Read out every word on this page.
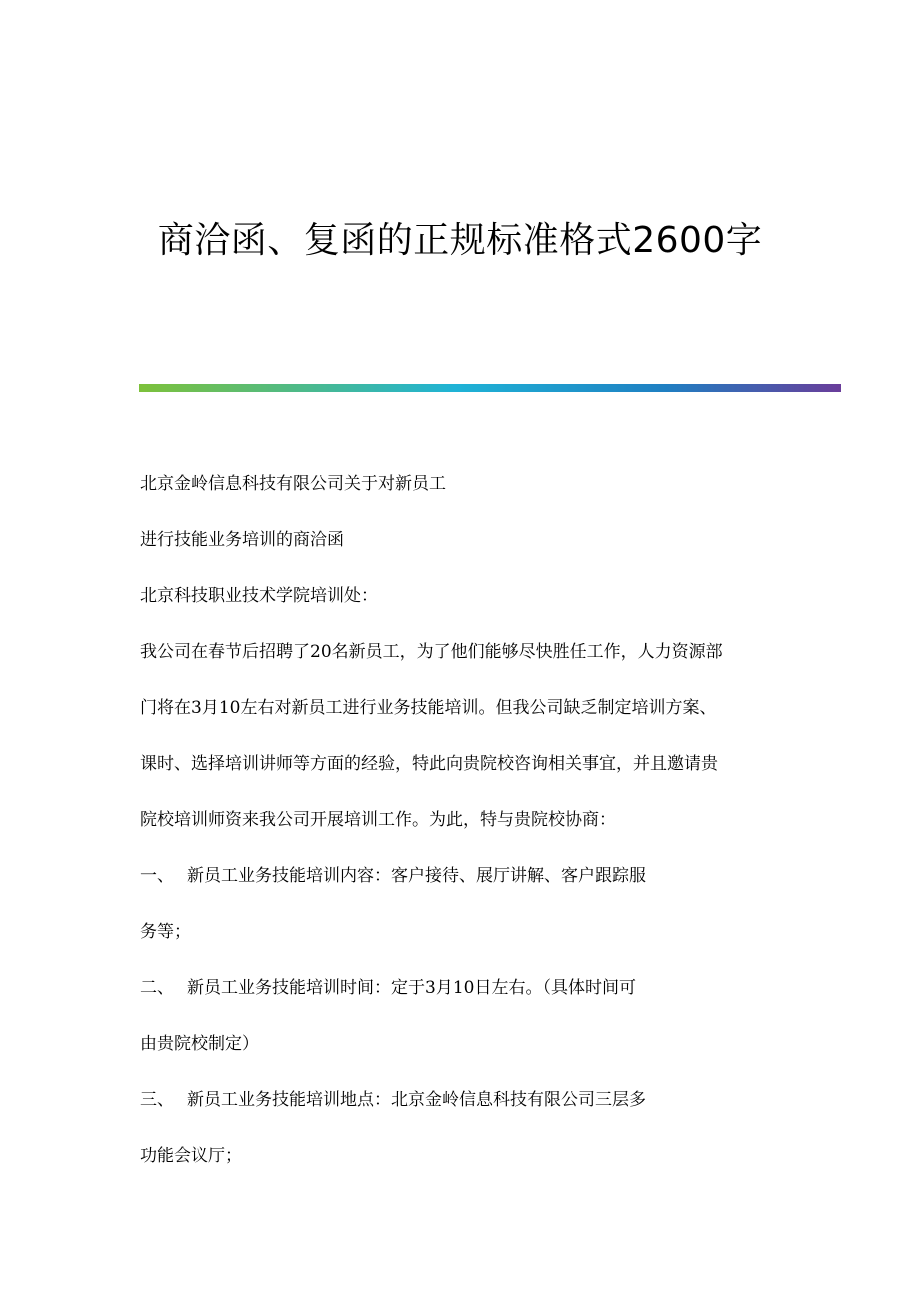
商洽函、复函的正规标准格式2600字

北京金岭信息科技有限公司关于对新员工

进行技能业务培训的商洽函

北京科技职业技术学院培训处：

我公司在春节后招聘了20名新员工，为了他们能够尽快胜任工作，人力资源部

门将在3月10左右对新员工进行业务技能培训。但我公司缺乏制定培训方案、

课时、选择培训讲师等方面的经验，特此向贵院校咨询相关事宜，并且邀请贵

院校培训师资来我公司开展培训工作。为此，特与贵院校协商：

一、 新员工业务技能培训内容：客户接待、展厅讲解、客户跟踪服

务等；

二、 新员工业务技能培训时间：定于3月10日左右。（具体时间可

由贵院校制定）

三、 新员工业务技能培训地点：北京金岭信息科技有限公司三层多

功能会议厅；
